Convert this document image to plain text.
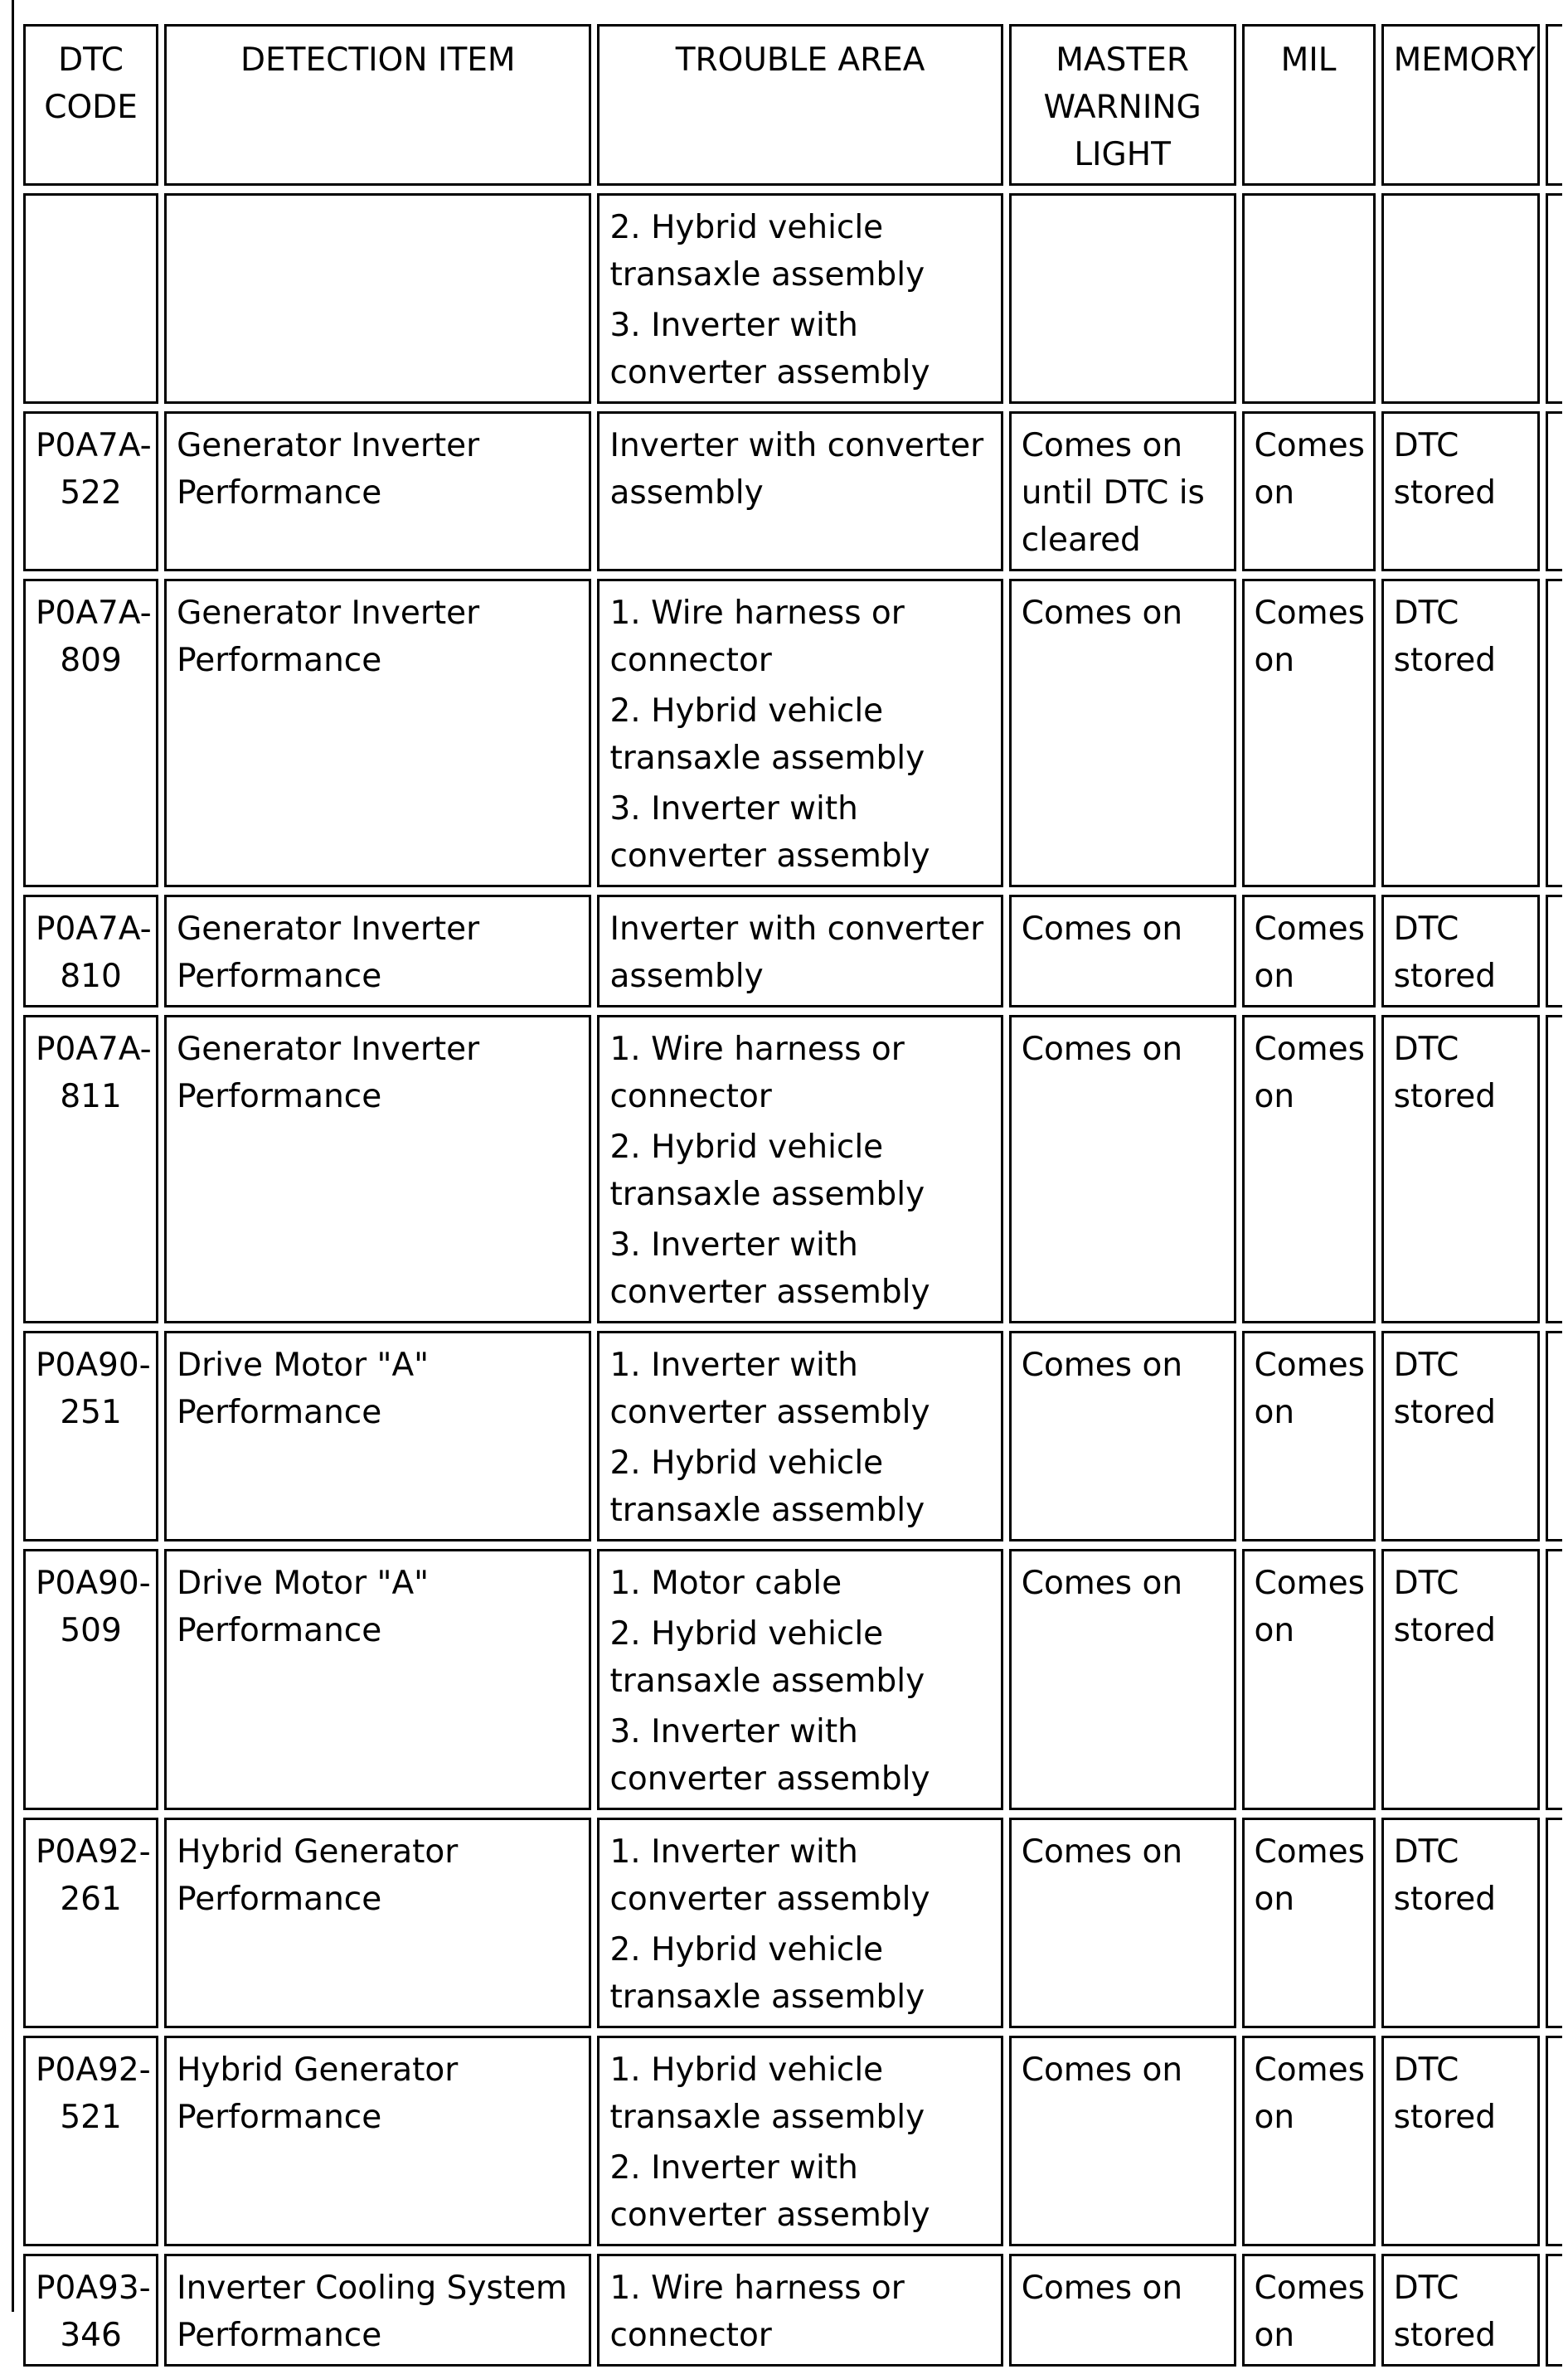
DTC CODE	DETECTION ITEM	TROUBLE AREA	MASTER WARNING LIGHT	MIL	MEMORY	

		2. Hybrid vehicle transaxle assembly
3. Inverter with converter assembly				

P0A7A-522	Generator Inverter Performance	Inverter with converter assembly	Comes on until DTC is cleared	Comes on	DTC stored	
P0A7A-809	Generator Inverter Performance	1. Wire harness or connector
2. Hybrid vehicle transaxle assembly
3. Inverter with converter assembly	Comes on	Comes on	DTC stored	
P0A7A-810	Generator Inverter Performance	Inverter with converter assembly	Comes on	Comes on	DTC stored	
P0A7A-811	Generator Inverter Performance	1. Wire harness or connector
2. Hybrid vehicle transaxle assembly
3. Inverter with converter assembly	Comes on	Comes on	DTC stored	
P0A90-251	Drive Motor "A" Performance	1. Inverter with converter assembly
2. Hybrid vehicle transaxle assembly	Comes on	Comes on	DTC stored	
P0A90-509	Drive Motor "A" Performance	1. Motor cable
2. Hybrid vehicle transaxle assembly
3. Inverter with converter assembly	Comes on	Comes on	DTC stored	
P0A92-261	Hybrid Generator Performance	1. Inverter with converter assembly
2. Hybrid vehicle transaxle assembly	Comes on	Comes on	DTC stored	
P0A92-521	Hybrid Generator Performance	1. Hybrid vehicle transaxle assembly
2. Inverter with converter assembly	Comes on	Comes on	DTC stored	
P0A93-346	Inverter Cooling System Performance	1. Wire harness or connector	Comes on	Comes on	DTC stored	
